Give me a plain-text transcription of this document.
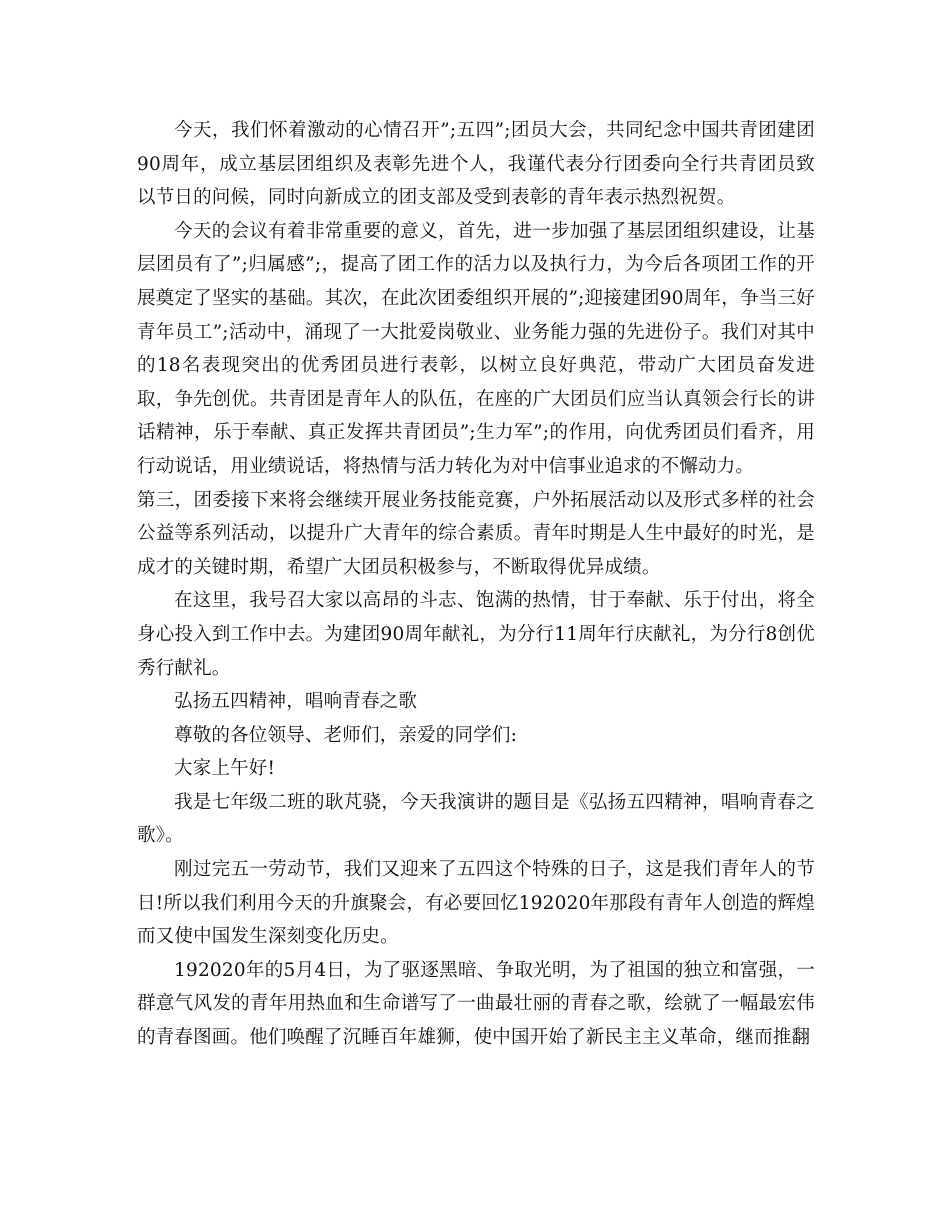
今天，我们怀着激动的心情召开”;五四”;团员大会，共同纪念中国共青团建团90周年，成立基层团组织及表彰先进个人，我谨代表分行团委向全行共青团员致以节日的问候，同时向新成立的团支部及受到表彰的青年表示热烈祝贺。

今天的会议有着非常重要的意义，首先，进一步加强了基层团组织建设，让基层团员有了”;归属感”;，提高了团工作的活力以及执行力，为今后各项团工作的开展奠定了坚实的基础。其次，在此次团委组织开展的”;迎接建团90周年，争当三好青年员工”;活动中，涌现了一大批爱岗敬业、业务能力强的先进份子。我们对其中的18名表现突出的优秀团员进行表彰，以树立良好典范，带动广大团员奋发进取，争先创优。共青团是青年人的队伍，在座的广大团员们应当认真领会行长的讲话精神，乐于奉献、真正发挥共青团员”;生力军”;的作用，向优秀团员们看齐，用行动说话，用业绩说话，将热情与活力转化为对中信事业追求的不懈动力。

第三，团委接下来将会继续开展业务技能竞赛，户外拓展活动以及形式多样的社会公益等系列活动，以提升广大青年的综合素质。青年时期是人生中最好的时光，是成才的关键时期，希望广大团员积极参与，不断取得优异成绩。

在这里，我号召大家以高昂的斗志、饱满的热情，甘于奉献、乐于付出，将全身心投入到工作中去。为建团90周年献礼，为分行11周年行庆献礼，为分行8创优秀行献礼。

弘扬五四精神，唱响青春之歌

尊敬的各位领导、老师们，亲爱的同学们:

大家上午好!

我是七年级二班的耿芃骁，今天我演讲的题目是《弘扬五四精神，唱响青春之歌》。

刚过完五一劳动节，我们又迎来了五四这个特殊的日子，这是我们青年人的节日!所以我们利用今天的升旗聚会，有必要回忆192020年那段有青年人创造的辉煌而又使中国发生深刻变化历史。

192020年的5月4日，为了驱逐黑暗、争取光明，为了祖国的独立和富强，一群意气风发的青年用热血和生命谱写了一曲最壮丽的青春之歌，绘就了一幅最宏伟的青春图画。他们唤醒了沉睡百年雄狮，使中国开始了新民主主义革命，继而推翻
